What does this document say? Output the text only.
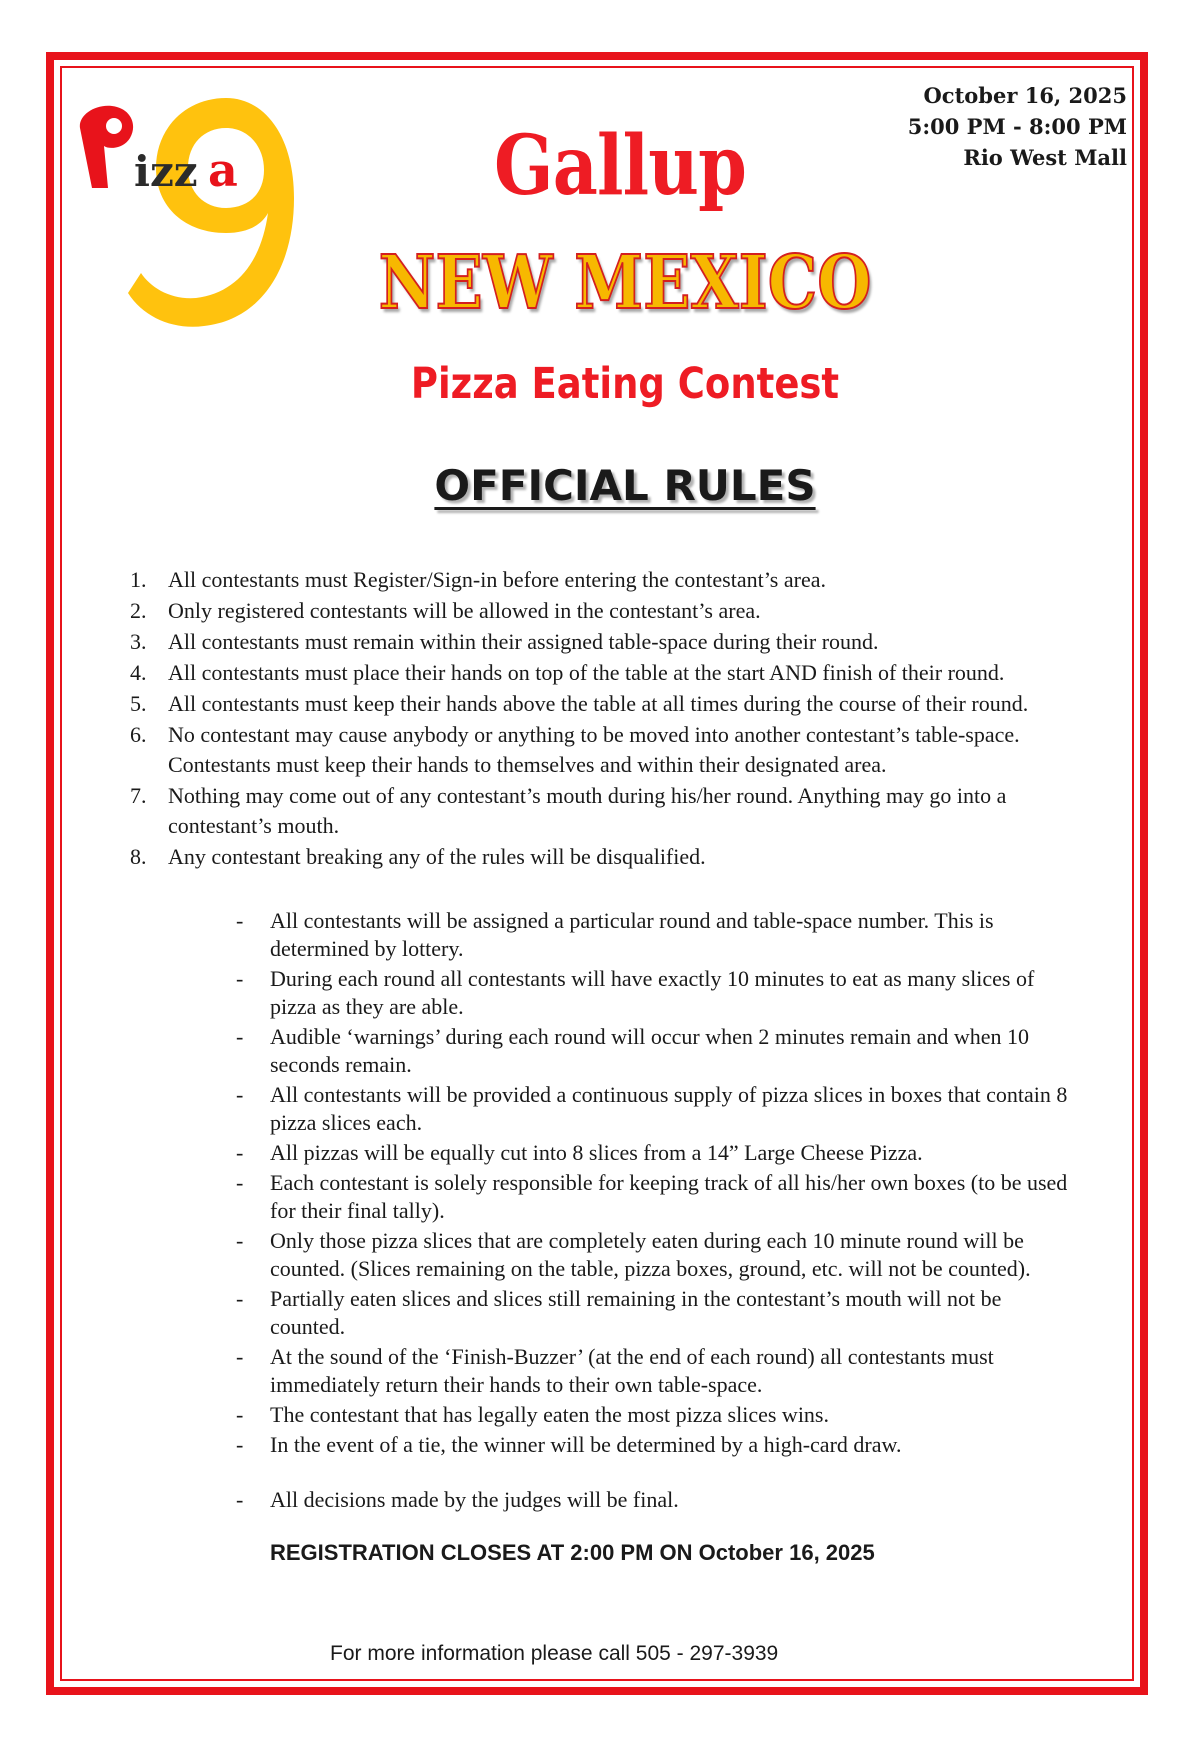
izz a
October 16, 2025
5:00 PM - 8:00 PM
Rio West Mall
Gallup
NEW MEXICO
Pizza Eating Contest
OFFICIAL RULES
1. All contestants must Register/Sign-in before entering the contestant’s area.
2. Only registered contestants will be allowed in the contestant’s area.
3. All contestants must remain within their assigned table-space during their round.
4. All contestants must place their hands on top of the table at the start AND finish of their round.
5. All contestants must keep their hands above the table at all times during the course of their round.
6. No contestant may cause anybody or anything to be moved into another contestant’s table-space. Contestants must keep their hands to themselves and within their designated area.
7. Nothing may come out of any contestant’s mouth during his/her round. Anything may go into a contestant’s mouth.
8. Any contestant breaking any of the rules will be disqualified.
- All contestants will be assigned a particular round and table-space number. This is determined by lottery.
- During each round all contestants will have exactly 10 minutes to eat as many slices of pizza as they are able.
- Audible ‘warnings’ during each round will occur when 2 minutes remain and when 10 seconds remain.
- All contestants will be provided a continuous supply of pizza slices in boxes that contain 8 pizza slices each.
- All pizzas will be equally cut into 8 slices from a 14” Large Cheese Pizza.
- Each contestant is solely responsible for keeping track of all his/her own boxes (to be used for their final tally).
- Only those pizza slices that are completely eaten during each 10 minute round will be counted. (Slices remaining on the table, pizza boxes, ground, etc. will not be counted).
- Partially eaten slices and slices still remaining in the contestant’s mouth will not be counted.
- At the sound of the ‘Finish-Buzzer’ (at the end of each round) all contestants must immediately return their hands to their own table-space.
- The contestant that has legally eaten the most pizza slices wins.
- In the event of a tie, the winner will be determined by a high-card draw.
- All decisions made by the judges will be final.
REGISTRATION CLOSES AT 2:00 PM ON October 16, 2025
For more information please call 505 - 297-3939
